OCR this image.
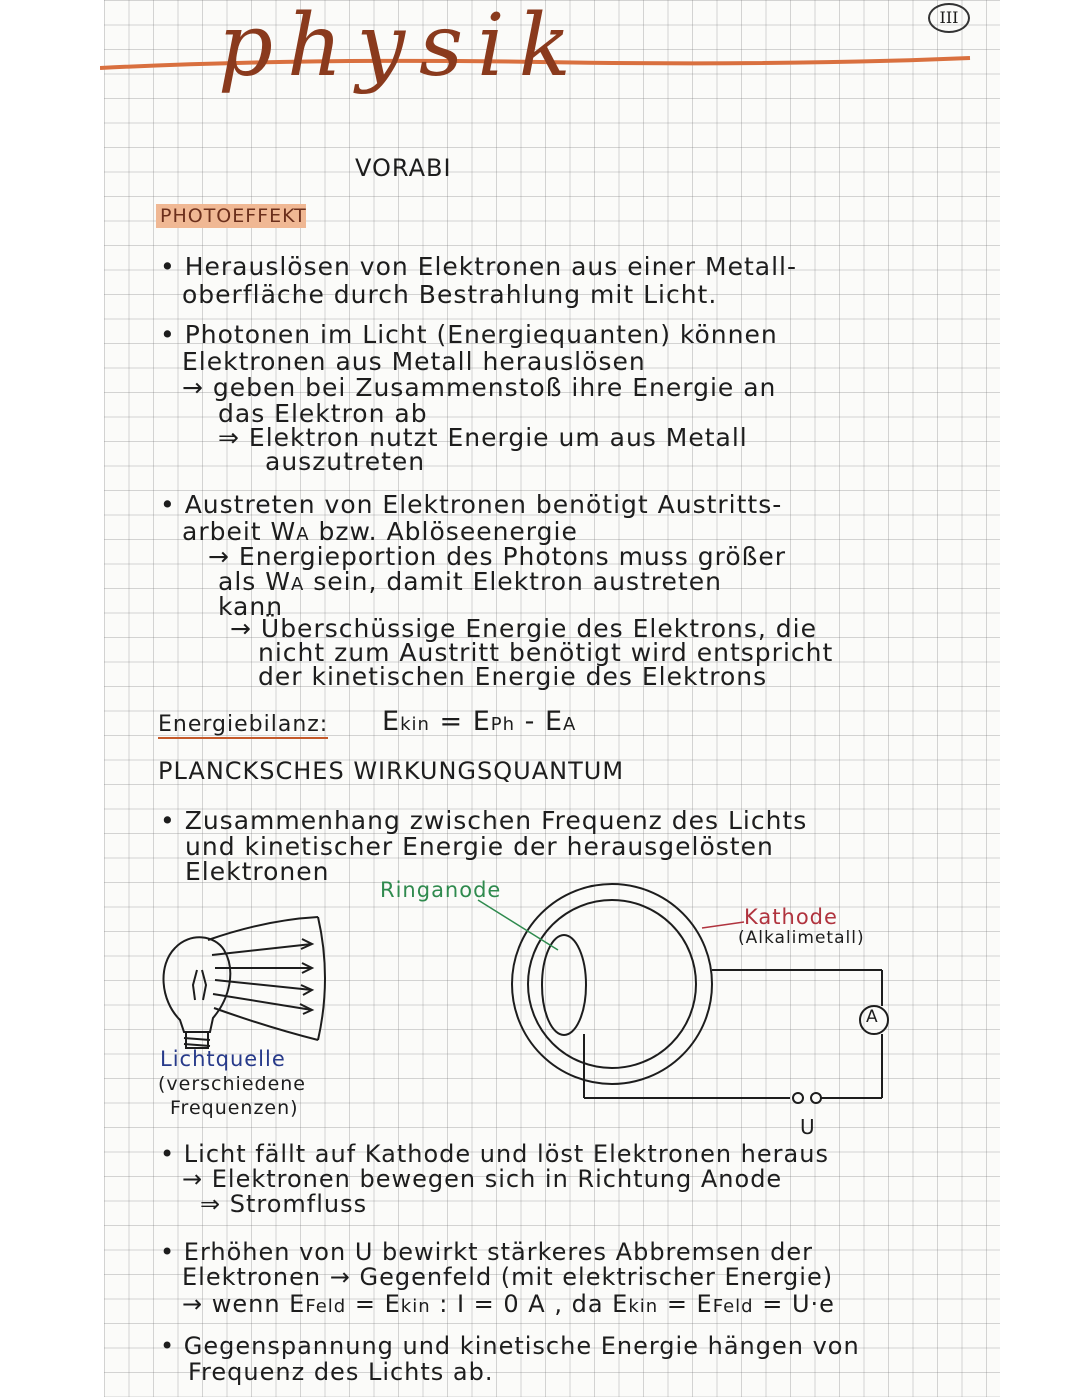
physik	III
VORABI
PHOTOEFFEKT
• Herauslösen von Elektronen aus einer Metall-
oberfläche durch Bestrahlung mit Licht.
• Photonen im Licht (Energiequanten) können
Elektronen aus Metall herauslösen
→ geben bei Zusammenstoß ihre Energie an
das Elektron ab
⇒ Elektron nutzt Energie um aus Metall
auszutreten
• Austreten von Elektronen benötigt Austritts-
arbeit WA bzw. Ablöseenergie
→ Energieportion des Photons muss größer
als WA sein, damit Elektron austreten
kann
→ Überschüssige Energie des Elektrons, die
nicht zum Austritt benötigt wird entspricht
der kinetischen Energie des Elektrons
Energiebilanz: Ekin = EPh - EA
PLANCKSCHES WIRKUNGSQUANTUM
• Zusammenhang zwischen Frequenz des Lichts
und kinetischer Energie der herausgelösten
Elektronen
Ringanode
Kathode
(Alkalimetall)
A
Lichtquelle
(verschiedene
Frequenzen)
U
• Licht fällt auf Kathode und löst Elektronen heraus
→ Elektronen bewegen sich in Richtung Anode
⇒ Stromfluss
• Erhöhen von U bewirkt stärkeres Abbremsen der
Elektronen → Gegenfeld (mit elektrischer Energie)
→ wenn EFeld = Ekin : I = 0 A , da Ekin = EFeld = U·e
• Gegenspannung und kinetische Energie hängen von
Frequenz des Lichts ab.
